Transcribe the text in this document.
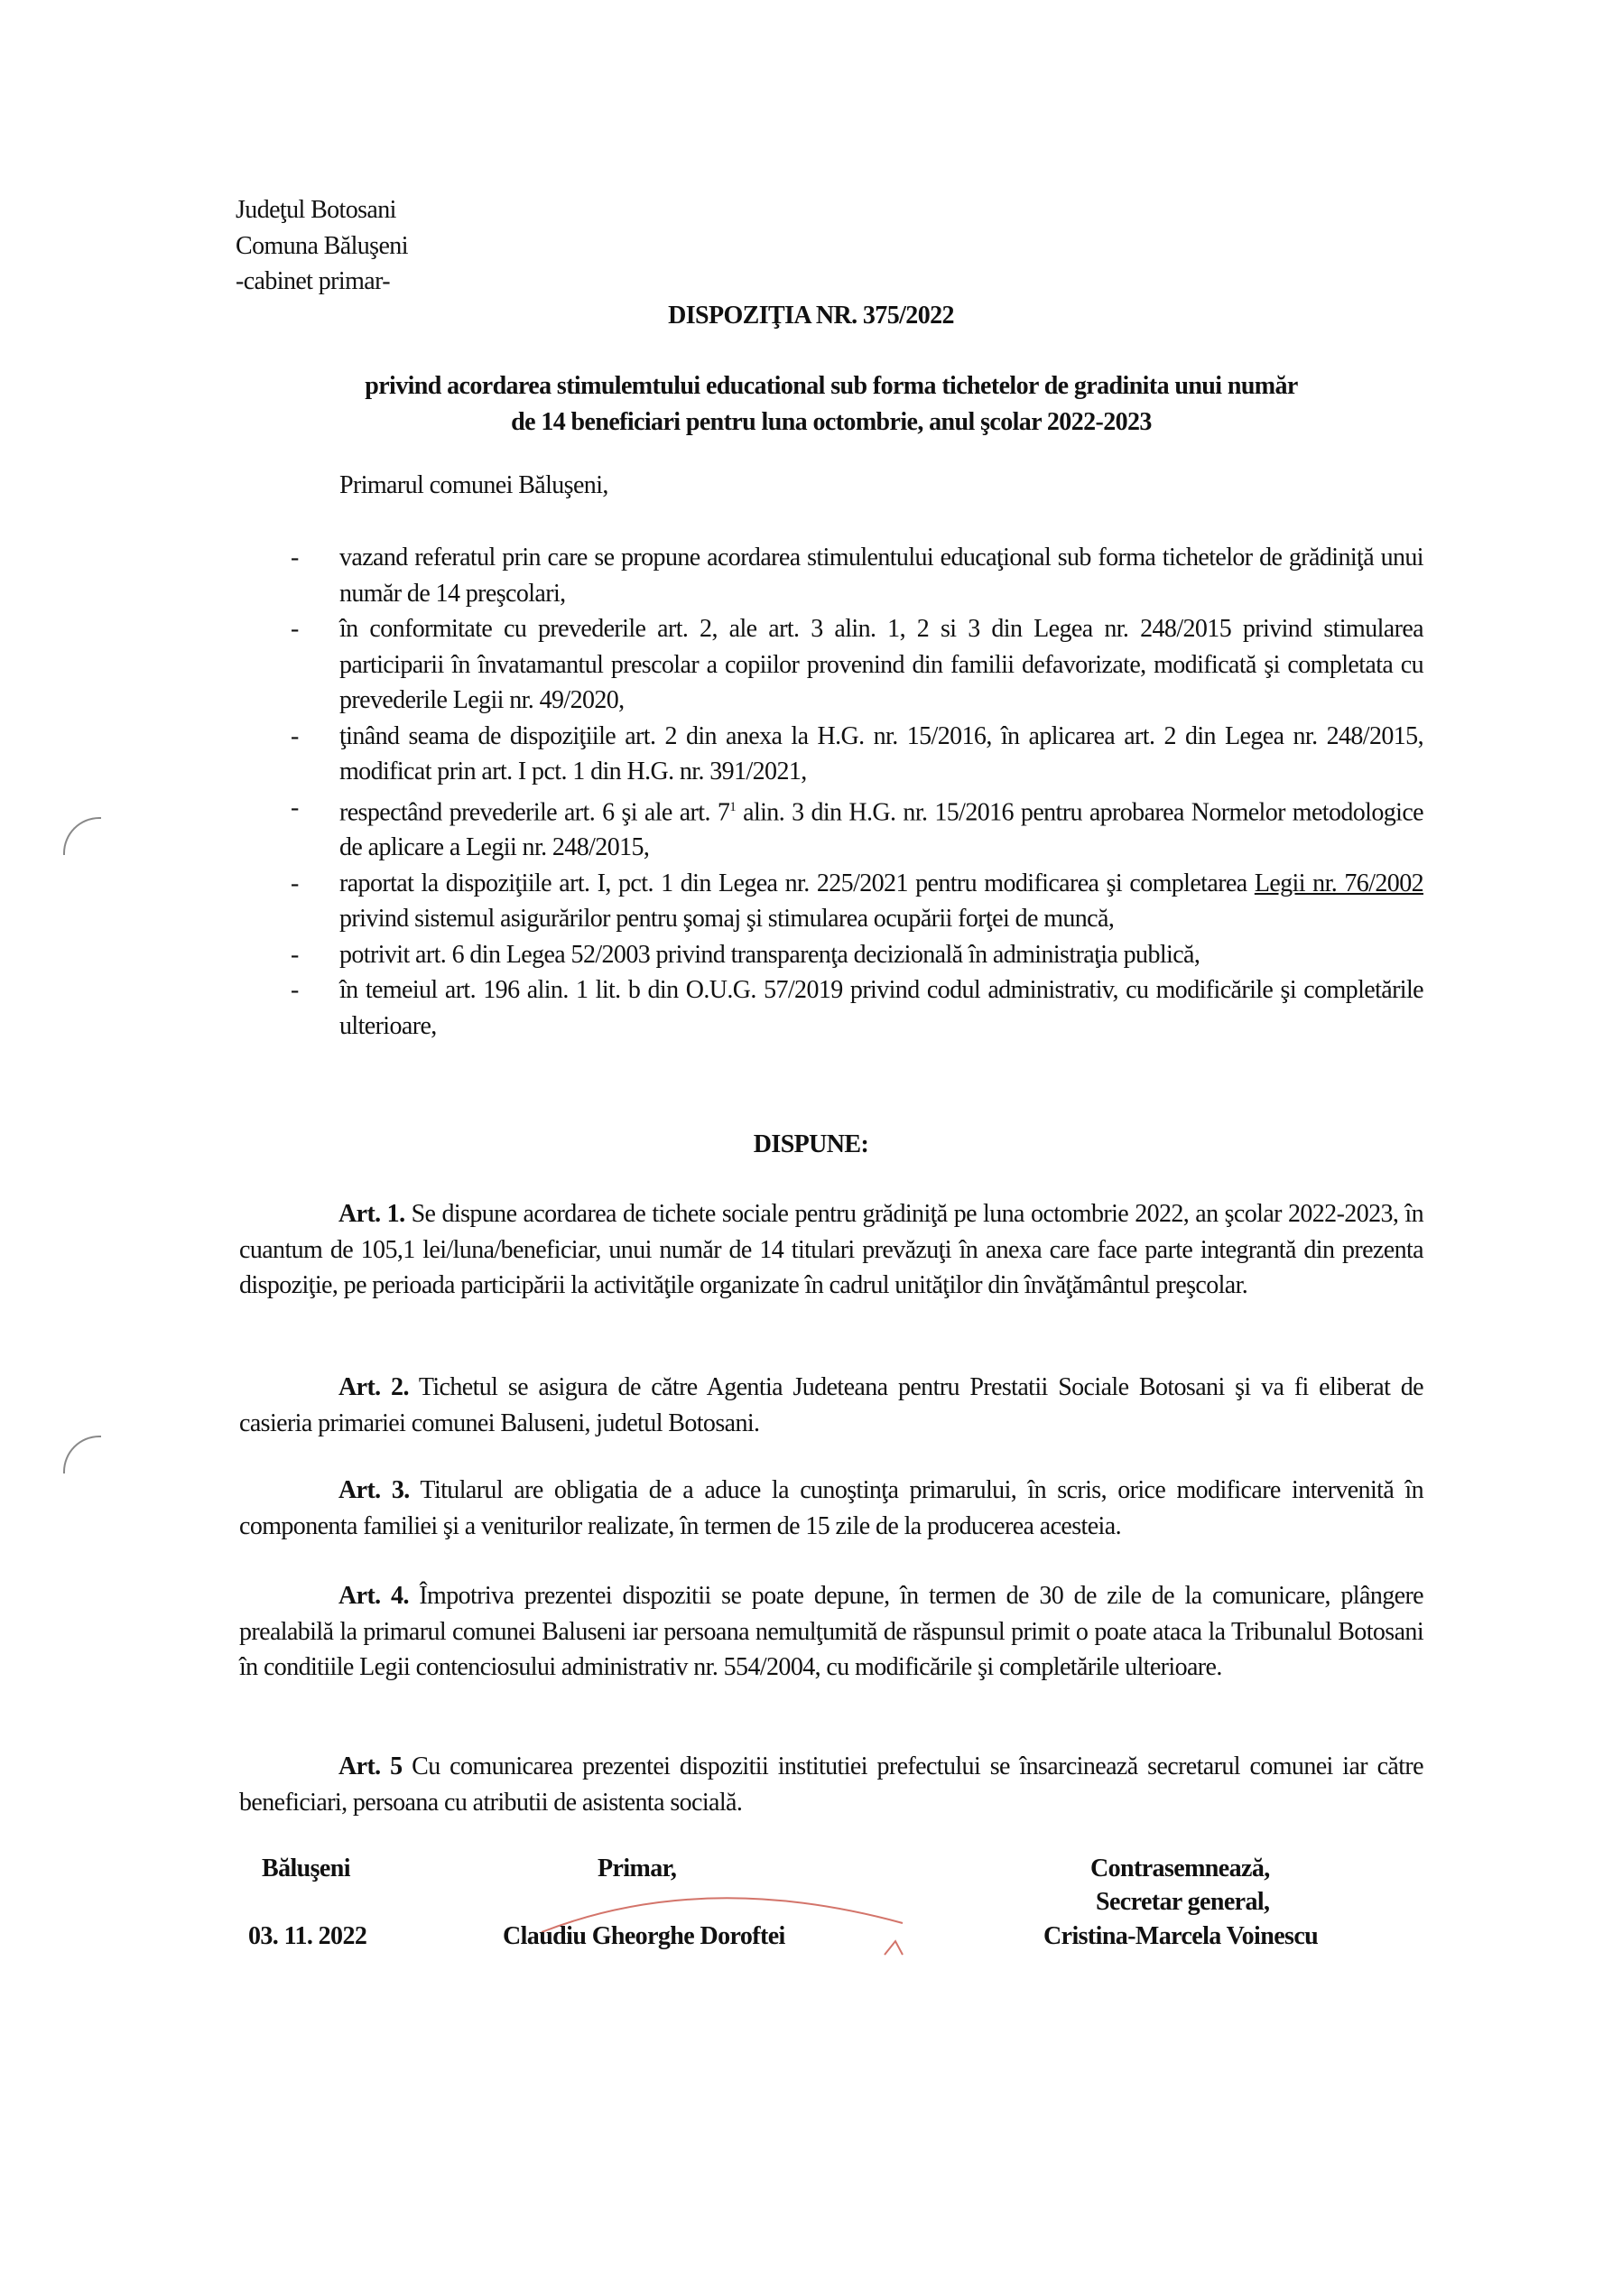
Judeţul Botosani
Comuna Băluşeni
-cabinet primar-
DISPOZIŢIA NR. 375/2022
privind acordarea stimulemtului educational sub forma tichetelor de gradinita unui număr
de 14 beneficiari pentru luna octombrie, anul şcolar 2022-2023
Primarul comunei Băluşeni,
- vazand referatul prin care se propune acordarea stimulentului educaţional sub forma tichetelor de grădiniţă unui număr de 14 preşcolari,
- în conformitate cu prevederile art. 2, ale art. 3 alin. 1, 2 si 3 din Legea nr. 248/2015 privind stimularea participarii în învatamantul prescolar a copiilor provenind din familii defavorizate, modificată şi completata cu prevederile Legii nr. 49/2020,
- ţinând seama de dispoziţiile art. 2 din anexa la H.G. nr. 15/2016, în aplicarea art. 2 din Legea nr. 248/2015, modificat prin art. I pct. 1 din H.G. nr. 391/2021,
- respectând prevederile art. 6 şi ale art. $7^1$ alin. 3 din H.G. nr. 15/2016 pentru aprobarea Normelor metodologice de aplicare a Legii nr. 248/2015,
- raportat la dispoziţiile art. I, pct. 1 din Legea nr. 225/2021 pentru modificarea şi completarea Legii nr. 76/2002 privind sistemul asigurărilor pentru şomaj şi stimularea ocupării forţei de muncă,
- potrivit art. 6 din Legea 52/2003 privind transparenţa decizională în administraţia publică,
- în temeiul art. 196 alin. 1 lit. b din O.U.G. 57/2019 privind codul administrativ, cu modificările şi completările ulterioare,
DISPUNE:
Art. 1. Se dispune acordarea de tichete sociale pentru grădiniţă pe luna octombrie 2022, an şcolar 2022-2023, în cuantum de 105,1 lei/luna/beneficiar, unui număr de 14 titulari prevăzuţi în anexa care face parte integrantă din prezenta dispoziţie, pe perioada participării la activităţile organizate în cadrul unităţilor din învăţământul preşcolar.
Art. 2. Tichetul se asigura de către Agentia Judeteana pentru Prestatii Sociale Botosani şi va fi eliberat de casieria primariei comunei Baluseni, judetul Botosani.
Art. 3. Titularul are obligatia de a aduce la cunoştinţa primarului, în scris, orice modificare intervenită în componenta familiei şi a veniturilor realizate, în termen de 15 zile de la producerea acesteia.
Art. 4. Împotriva prezentei dispozitii se poate depune, în termen de 30 de zile de la comunicare, plângere prealabilă la primarul comunei Baluseni iar persoana nemulţumită de răspunsul primit o poate ataca la Tribunalul Botosani în conditiile Legii contenciosului administrativ nr. 554/2004, cu modificările şi completările ulterioare.
Art. 5 Cu comunicarea prezentei dispozitii institutiei prefectului se însarcinează secretarul comunei iar către beneficiari, persoana cu atributii de asistenta socială.
Băluşeni
03. 11. 2022
Primar,
Claudiu Gheorghe Doroftei
Contrasemnează,
Secretar general,
Cristina-Marcela Voinescu
